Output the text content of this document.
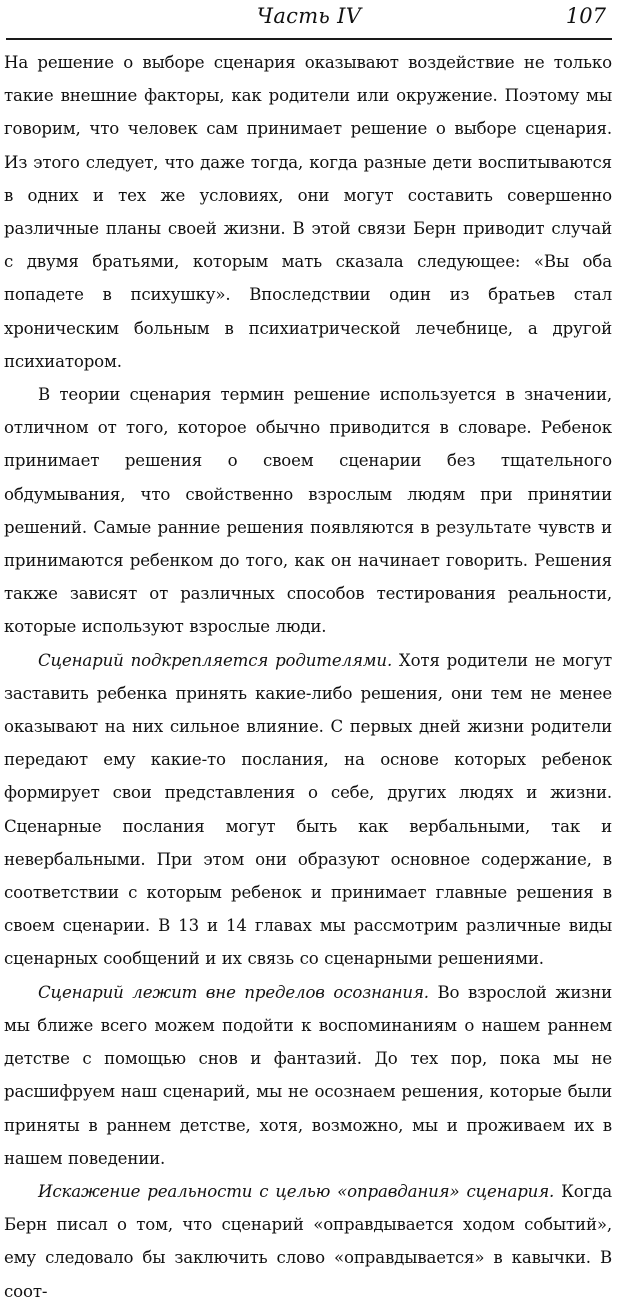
Часть IV	107

На решение о выборе сценария оказывают воздействие не только такие внешние факторы, как родители или окружение. Поэтому мы говорим, что человек сам принимает решение о выборе сценария. Из этого следует, что даже тогда, когда разные дети воспитываются в одних и тех же условиях, они могут составить совершенно различные планы своей жизни. В этой связи Берн приводит случай с двумя братьями, которым мать сказала следующее: «Вы оба попадете в психушку». Впоследствии один из братьев стал хроническим больным в психиатрической лечебнице, а другой психиатором.

В теории сценария термин решение используется в значении, отличном от того, которое обычно приводится в словаре. Ребенок принимает решения о своем сценарии без тщательного обдумывания, что свойственно взрослым людям при принятии решений. Самые ранние решения появляются в результате чувств и принимаются ребенком до того, как он начинает говорить. Решения также зависят от различных способов тестирования реальности, которые используют взрослые люди.

Сценарий подкрепляется родителями. Хотя родители не могут заставить ребенка принять какие-либо решения, они тем не менее оказывают на них сильное влияние. С первых дней жизни родители передают ему какие-то послания, на основе которых ребенок формирует свои представления о себе, других людях и жизни. Сценарные послания могут быть как вербальными, так и невербальными. При этом они образуют основное содержание, в соответствии с которым ребенок и принимает главные решения в своем сценарии. В 13 и 14 главах мы рассмотрим различные виды сценарных сообщений и их связь со сценарными решениями.

Сценарий лежит вне пределов осознания. Во взрослой жизни мы ближе всего можем подойти к воспоминаниям о нашем раннем детстве с помощью снов и фантазий. До тех пор, пока мы не расшифруем наш сценарий, мы не осознаем решения, которые были приняты в раннем детстве, хотя, возможно, мы и проживаем их в нашем поведении.

Искажение реальности с целью «оправдания» сценария. Когда Берн писал о том, что сценарий «оправдывается ходом событий», ему следовало бы заключить слово «оправдывается» в кавычки. В соот-
